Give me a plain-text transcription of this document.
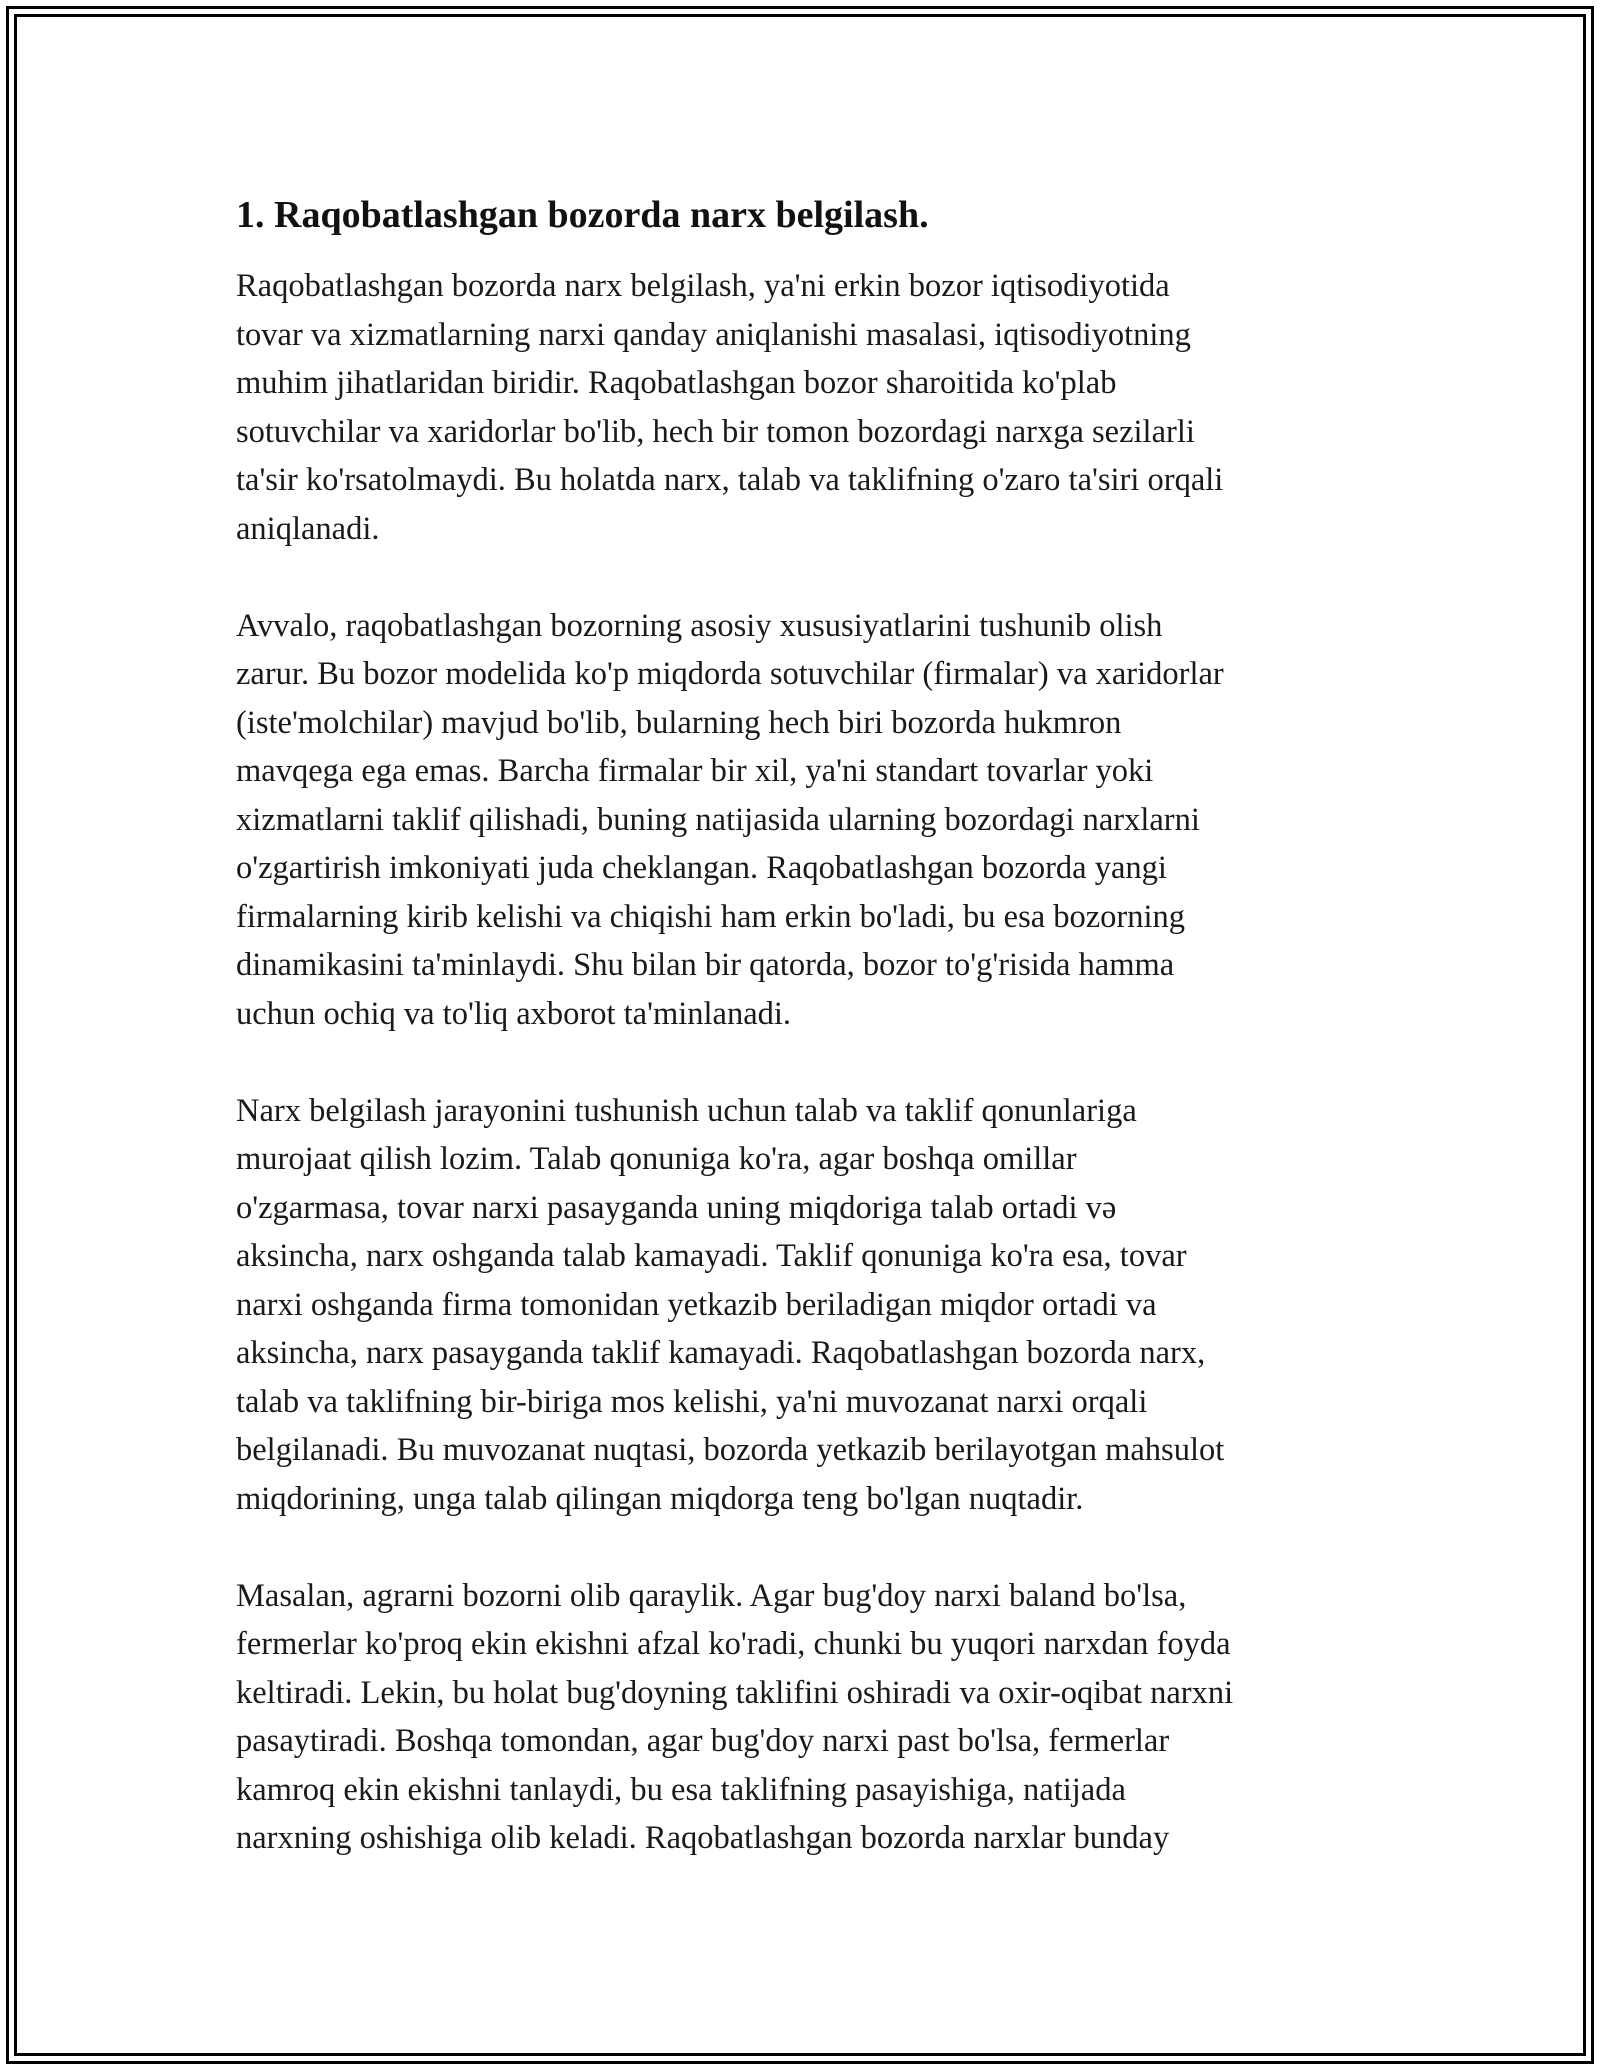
1. Raqobatlashgan bozorda narx belgilash.

Raqobatlashgan bozorda narx belgilash, ya'ni erkin bozor iqtisodiyotida
tovar va xizmatlarning narxi qanday aniqlanishi masalasi, iqtisodiyotning
muhim jihatlaridan biridir. Raqobatlashgan bozor sharoitida ko'plab
sotuvchilar va xaridorlar bo'lib, hech bir tomon bozordagi narxga sezilarli
ta'sir ko'rsatolmaydi. Bu holatda narx, talab va taklifning o'zaro ta'siri orqali
aniqlanadi.

Avvalo, raqobatlashgan bozorning asosiy xususiyatlarini tushunib olish
zarur. Bu bozor modelida ko'p miqdorda sotuvchilar (firmalar) va xaridorlar
(iste'molchilar) mavjud bo'lib, bularning hech biri bozorda hukmron
mavqega ega emas. Barcha firmalar bir xil, ya'ni standart tovarlar yoki
xizmatlarni taklif qilishadi, buning natijasida ularning bozordagi narxlarni
o'zgartirish imkoniyati juda cheklangan. Raqobatlashgan bozorda yangi
firmalarning kirib kelishi va chiqishi ham erkin bo'ladi, bu esa bozorning
dinamikasini ta'minlaydi. Shu bilan bir qatorda, bozor to'g'risida hamma
uchun ochiq va to'liq axborot ta'minlanadi.

Narx belgilash jarayonini tushunish uchun talab va taklif qonunlariga
murojaat qilish lozim. Talab qonuniga ko'ra, agar boshqa omillar
o'zgarmasa, tovar narxi pasayganda uning miqdoriga talab ortadi və
aksincha, narx oshganda talab kamayadi. Taklif qonuniga ko'ra esa, tovar
narxi oshganda firma tomonidan yetkazib beriladigan miqdor ortadi va
aksincha, narx pasayganda taklif kamayadi. Raqobatlashgan bozorda narx,
talab va taklifning bir-biriga mos kelishi, ya'ni muvozanat narxi orqali
belgilanadi. Bu muvozanat nuqtasi, bozorda yetkazib berilayotgan mahsulot
miqdorining, unga talab qilingan miqdorga teng bo'lgan nuqtadir.

Masalan, agrarni bozorni olib qaraylik. Agar bug'doy narxi baland bo'lsa,
fermerlar ko'proq ekin ekishni afzal ko'radi, chunki bu yuqori narxdan foyda
keltiradi. Lekin, bu holat bug'doyning taklifini oshiradi va oxir-oqibat narxni
pasaytiradi. Boshqa tomondan, agar bug'doy narxi past bo'lsa, fermerlar
kamroq ekin ekishni tanlaydi, bu esa taklifning pasayishiga, natijada
narxning oshishiga olib keladi. Raqobatlashgan bozorda narxlar bunday
